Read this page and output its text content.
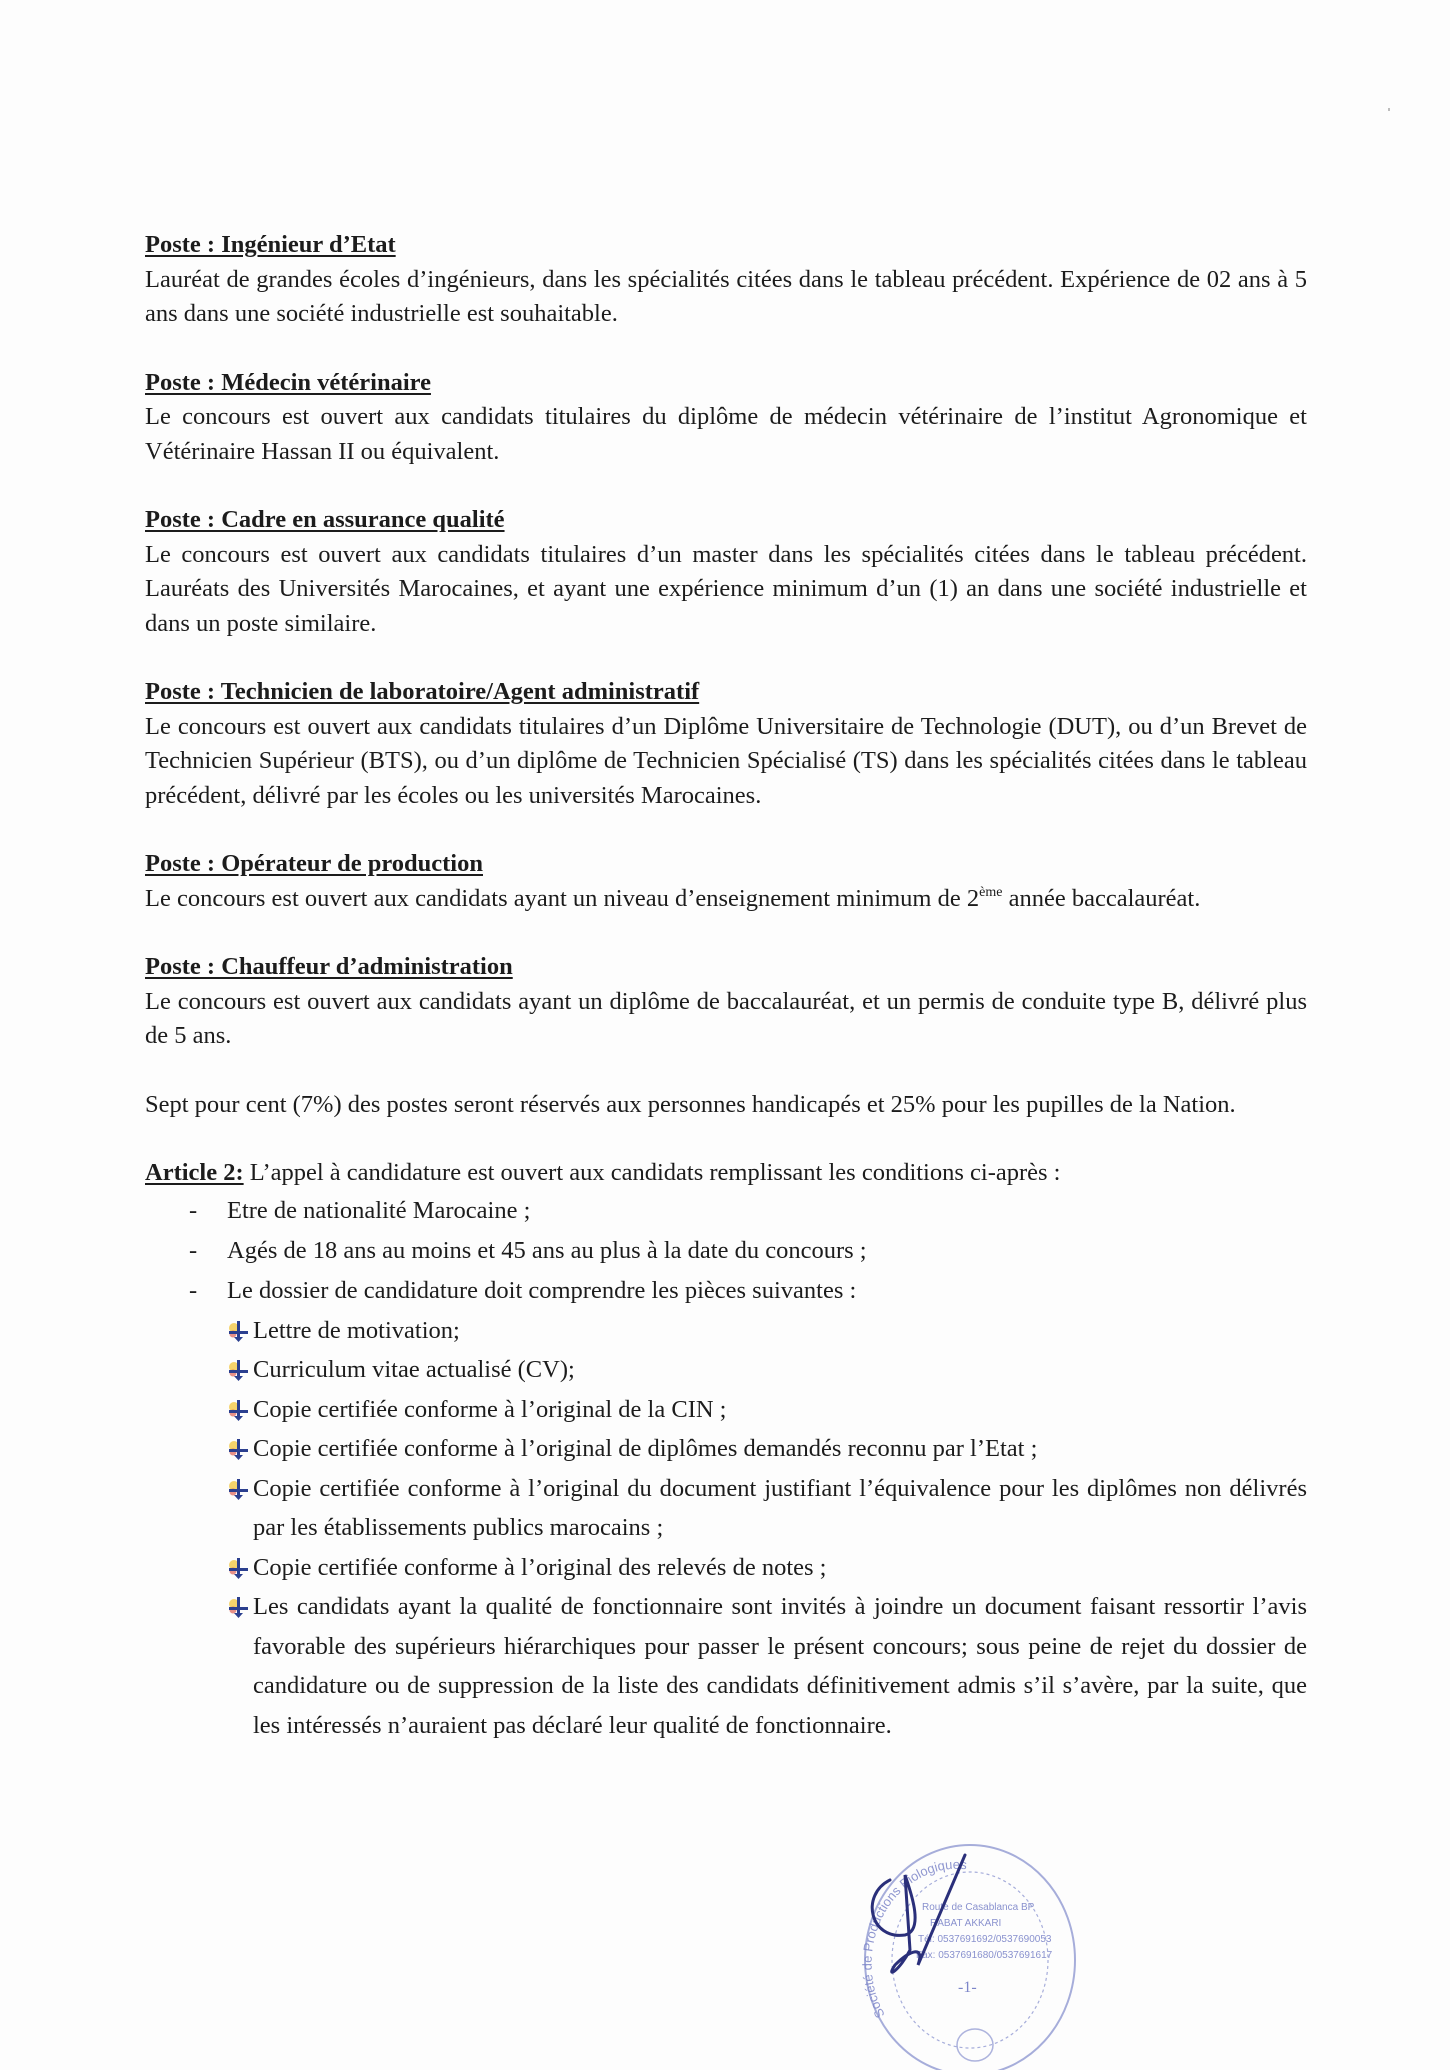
Poste : Ingénieur d’Etat

Lauréat de grandes écoles d’ingénieurs, dans les spécialités citées dans le tableau précédent. Expérience de 02 ans à 5 ans dans une société industrielle est souhaitable.

Poste : Médecin vétérinaire

Le concours est ouvert aux candidats titulaires du diplôme de médecin vétérinaire de l’institut Agronomique et Vétérinaire Hassan II ou équivalent.

Poste : Cadre en assurance qualité

Le concours est ouvert aux candidats titulaires d’un master dans les spécialités citées dans le tableau précédent. Lauréats des Universités Marocaines, et ayant une expérience minimum d’un (1) an dans une société industrielle et dans un poste similaire.

Poste : Technicien de laboratoire/Agent administratif

Le concours est ouvert aux candidats titulaires d’un Diplôme Universitaire de Technologie (DUT), ou d’un Brevet de Technicien Supérieur (BTS), ou d’un diplôme de Technicien Spécialisé (TS) dans les spécialités citées dans le tableau précédent, délivré par les écoles ou les universités Marocaines.

Poste : Opérateur de production

Le concours est ouvert aux candidats ayant un niveau d’enseignement minimum de 2ème année baccalauréat.

Poste : Chauffeur d’administration

Le concours est ouvert aux candidats ayant un diplôme de baccalauréat, et un permis de conduite type B, délivré plus de 5 ans.

Sept pour cent (7%) des postes seront réservés aux personnes handicapés et 25% pour les pupilles de la Nation.

Article 2: L’appel à candidature est ouvert aux candidats remplissant les conditions ci-après :

- Etre de nationalité Marocaine ;
- Agés de 18 ans au moins et 45 ans au plus à la date du concours ;
- Le dossier de candidature doit comprendre les pièces suivantes :
Lettre de motivation;
Curriculum vitae actualisé (CV);
Copie certifiée conforme à l’original de la CIN ;
Copie certifiée conforme à l’original de diplômes demandés reconnu par l’Etat ;
Copie certifiée conforme à l’original du document justifiant l’équivalence pour les diplômes non délivrés par les établissements publics marocains ;
Copie certifiée conforme à l’original des relevés de notes ;
Les candidats ayant la qualité de fonctionnaire sont invités à joindre un document faisant ressortir l’avis favorable des supérieurs hiérarchiques pour passer le présent concours; sous peine de rejet du dossier de candidature ou de suppression de la liste des candidats définitivement admis s’il s’avère, par la suite, que les intéressés n’auraient pas déclaré leur qualité de fonctionnaire.
Société de Productions Biologiques
Route de Casablanca BP
RABAT AKKARI
Tél: 0537691692/0537690053
Fax: 0537691680/0537691617
-1-
